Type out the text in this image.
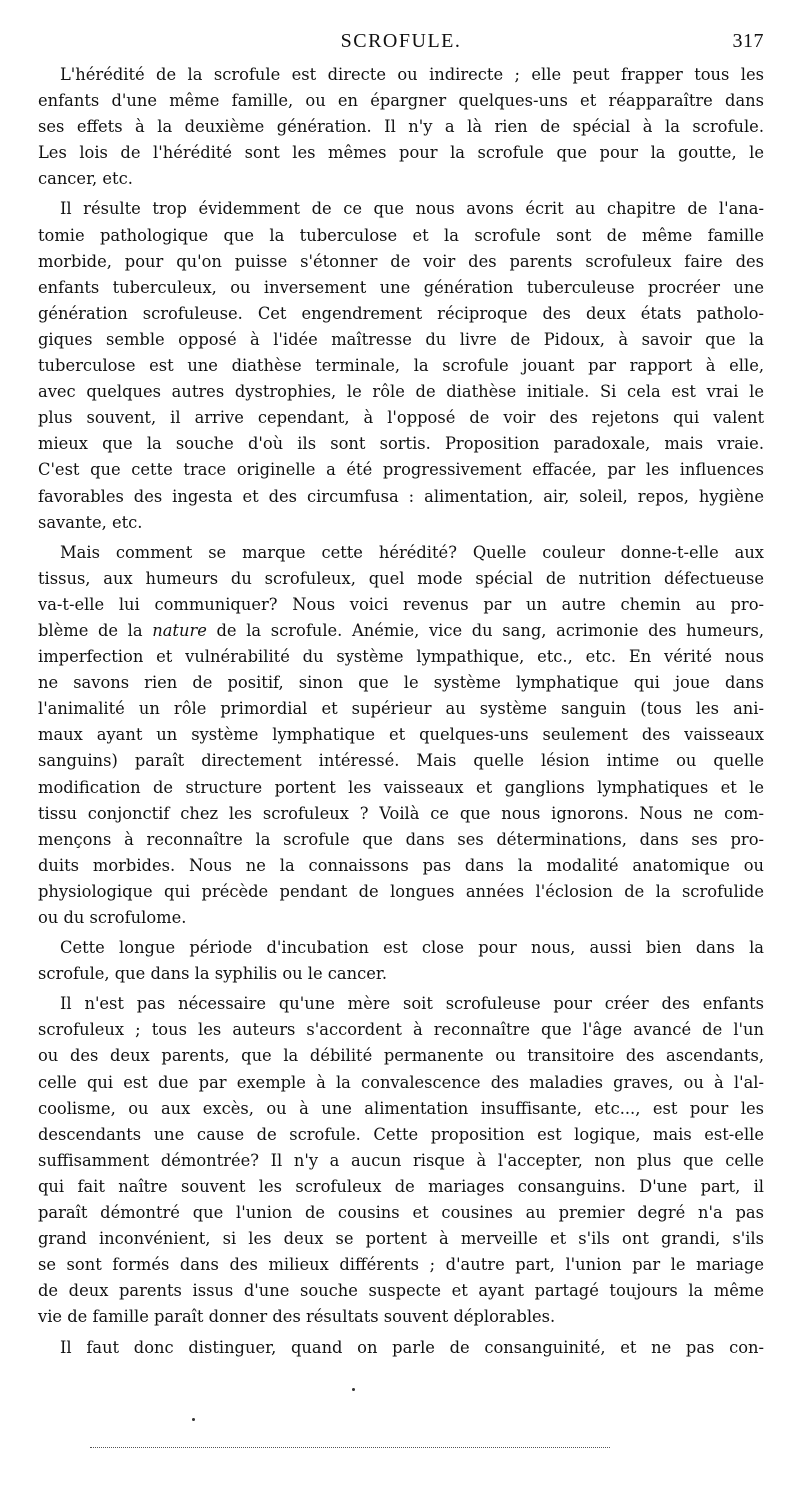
SCROFULE.	317
L'hérédité de la scrofule est directe ou indirecte ; elle peut frapper tous les
enfants d'une même famille, ou en épargner quelques-uns et réapparaître dans
ses effets à la deuxième génération. Il n'y a là rien de spécial à la scrofule.
Les lois de l'hérédité sont les mêmes pour la scrofule que pour la goutte, le
cancer, etc.
Il résulte trop évidemment de ce que nous avons écrit au chapitre de l'ana-
tomie pathologique que la tuberculose et la scrofule sont de même famille
morbide, pour qu'on puisse s'étonner de voir des parents scrofuleux faire des
enfants tuberculeux, ou inversement une génération tuberculeuse procréer une
génération scrofuleuse. Cet engendrement réciproque des deux états patholo-
giques semble opposé à l'idée maîtresse du livre de Pidoux, à savoir que la
tuberculose est une diathèse terminale, la scrofule jouant par rapport à elle,
avec quelques autres dystrophies, le rôle de diathèse initiale. Si cela est vrai le
plus souvent, il arrive cependant, à l'opposé de voir des rejetons qui valent
mieux que la souche d'où ils sont sortis. Proposition paradoxale, mais vraie.
C'est que cette trace originelle a été progressivement effacée, par les influences
favorables des ingesta et des circumfusa : alimentation, air, soleil, repos, hygiène
savante, etc.
Mais comment se marque cette hérédité? Quelle couleur donne-t-elle aux
tissus, aux humeurs du scrofuleux, quel mode spécial de nutrition défectueuse
va-t-elle lui communiquer? Nous voici revenus par un autre chemin au pro-
blème de la nature de la scrofule. Anémie, vice du sang, acrimonie des humeurs,
imperfection et vulnérabilité du système lympathique, etc., etc. En vérité nous
ne savons rien de positif, sinon que le système lymphatique qui joue dans
l'animalité un rôle primordial et supérieur au système sanguin (tous les ani-
maux ayant un système lymphatique et quelques-uns seulement des vaisseaux
sanguins) paraît directement intéressé. Mais quelle lésion intime ou quelle
modification de structure portent les vaisseaux et ganglions lymphatiques et le
tissu conjonctif chez les scrofuleux ? Voilà ce que nous ignorons. Nous ne com-
mençons à reconnaître la scrofule que dans ses déterminations, dans ses pro-
duits morbides. Nous ne la connaissons pas dans la modalité anatomique ou
physiologique qui précède pendant de longues années l'éclosion de la scrofulide
ou du scrofulome.
Cette longue période d'incubation est close pour nous, aussi bien dans la
scrofule, que dans la syphilis ou le cancer.
Il n'est pas nécessaire qu'une mère soit scrofuleuse pour créer des enfants
scrofuleux ; tous les auteurs s'accordent à reconnaître que l'âge avancé de l'un
ou des deux parents, que la débilité permanente ou transitoire des ascendants,
celle qui est due par exemple à la convalescence des maladies graves, ou à l'al-
coolisme, ou aux excès, ou à une alimentation insuffisante, etc..., est pour les
descendants une cause de scrofule. Cette proposition est logique, mais est-elle
suffisamment démontrée? Il n'y a aucun risque à l'accepter, non plus que celle
qui fait naître souvent les scrofuleux de mariages consanguins. D'une part, il
paraît démontré que l'union de cousins et cousines au premier degré n'a pas
grand inconvénient, si les deux se portent à merveille et s'ils ont grandi, s'ils
se sont formés dans des milieux différents ; d'autre part, l'union par le mariage
de deux parents issus d'une souche suspecte et ayant partagé toujours la même
vie de famille paraît donner des résultats souvent déplorables.
Il faut donc distinguer, quand on parle de consanguinité, et ne pas con-
